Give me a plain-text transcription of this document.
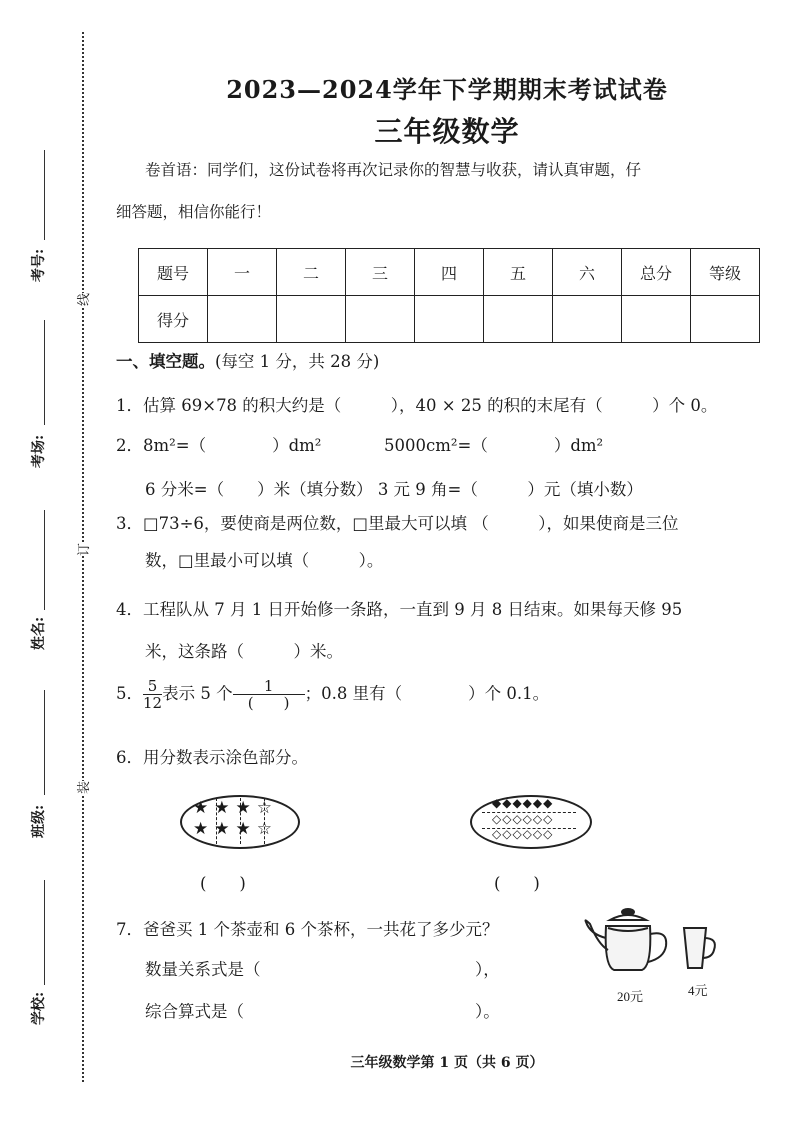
考号:
考场:
姓名:
班级:
学校:
线
订
装
2023—2024学年下学期期末考试试卷
三年级数学
卷首语：同学们，这份试卷将再次记录你的智慧与收获，请认真审题，仔
细答题，相信你能行！
题号	一	二	三	四	五	六	总分	等级
得分								
一、填空题。(每空 1 分，共 28 分)
1．估算 69×78 的积大约是（　　　），40 × 25 的积的末尾有（　　　）个 0。
2．8m²=（　　　　）dm²	5000cm²=（　　　　）dm²
6 分米=（　　）米（填分数） 3 元 9 角=（　　　）元（填小数）
3．□73÷6，要使商是两位数，□里最大可以填 （　　　），如果使商是三位
数，□里最小可以填（　　　）。
4．工程队从 7 月 1 日开始修一条路，一直到 9 月 8 日结束。如果每天修 95
米，这条路（　　　）米。
5． $\frac{5}{12}$ 表示 5 个 $\frac{1}{( )}$ ；0.8 里有（　　　　）个 0.1。
6．用分数表示涂色部分。
★★★☆
★★★☆
(　　)
◆◆◆◆◆◆
◇◇◇◇◇◇
◇◇◇◇◇◇
(　　)
7．爸爸买 1 个茶壶和 6 个茶杯，一共花了多少元？
数量关系式是（　　　　　　　　　　　　　），
综合算式是（　　　　　　　　　　　　　　）。
20元	4元
三年级数学第 1 页（共 6 页）
